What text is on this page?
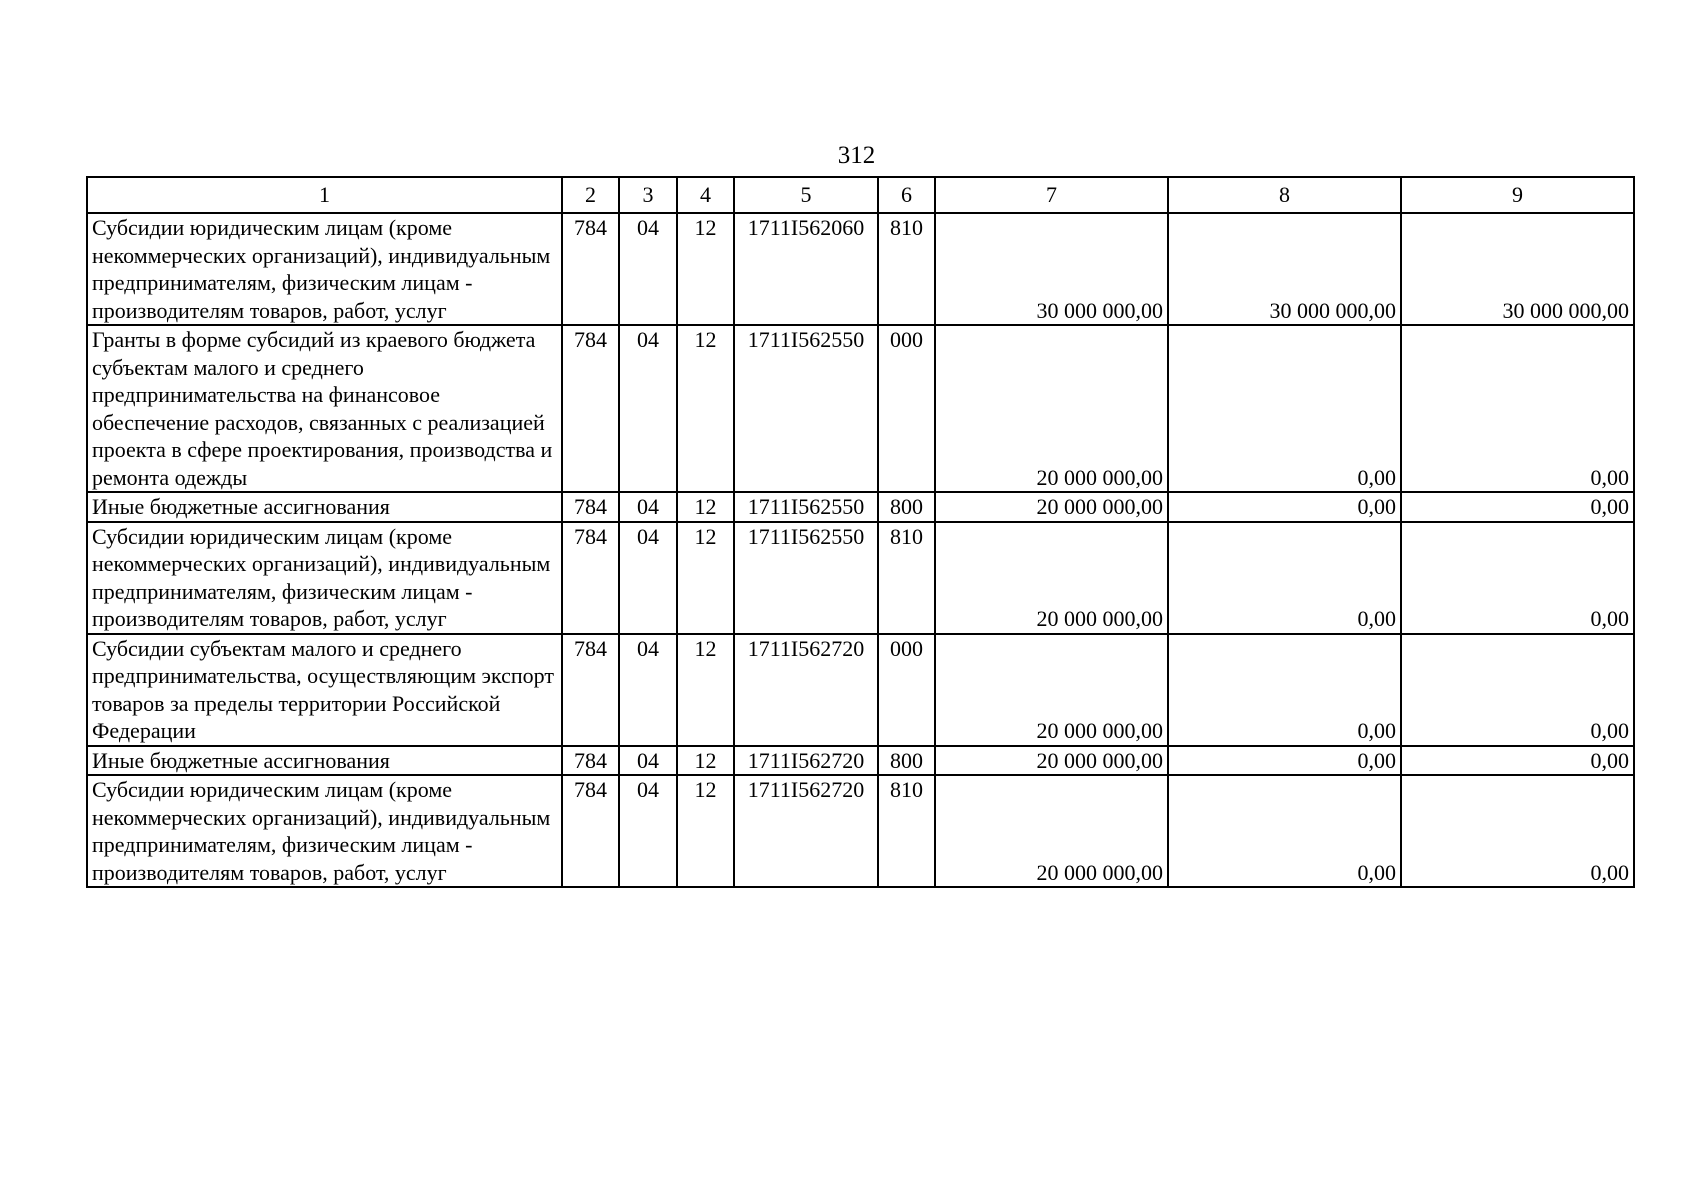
312
1	2	3	4	5	6	7	8	9
Субсидии юридическим лицам (кроме некоммерческих организаций), индивидуальным предпринимателям, физическим лицам - производителям товаров, работ, услуг	784	04	12	1711I562060	810	30 000 000,00	30 000 000,00	30 000 000,00
Гранты в форме субсидий из краевого бюджета субъектам малого и среднего предпринимательства на финансовое обеспечение расходов, связанных с реализацией проекта в сфере проектирования, производства и ремонта одежды	784	04	12	1711I562550	000	20 000 000,00	0,00	0,00
Иные бюджетные ассигнования	784	04	12	1711I562550	800	20 000 000,00	0,00	0,00
Субсидии юридическим лицам (кроме некоммерческих организаций), индивидуальным предпринимателям, физическим лицам - производителям товаров, работ, услуг	784	04	12	1711I562550	810	20 000 000,00	0,00	0,00
Субсидии субъектам малого и среднего предпринимательства, осуществляющим экспорт товаров за пределы территории Российской Федерации	784	04	12	1711I562720	000	20 000 000,00	0,00	0,00
Иные бюджетные ассигнования	784	04	12	1711I562720	800	20 000 000,00	0,00	0,00
Субсидии юридическим лицам (кроме некоммерческих организаций), индивидуальным предпринимателям, физическим лицам - производителям товаров, работ, услуг	784	04	12	1711I562720	810	20 000 000,00	0,00	0,00
